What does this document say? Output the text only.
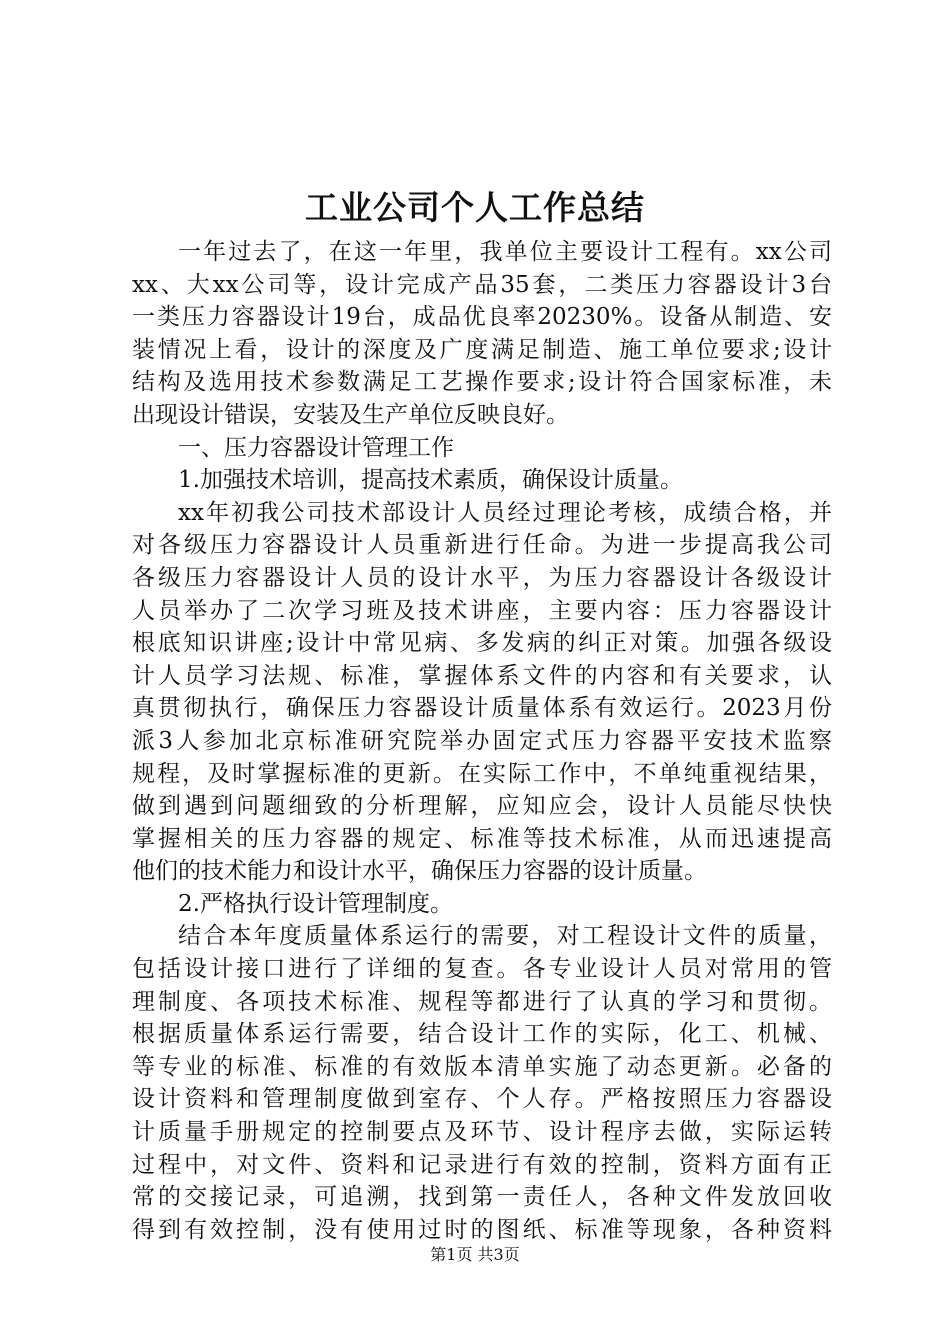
工业公司个人工作总结
一年过去了，在这一年里，我单位主要设计工程有。xx公司
xx、大xx公司等，设计完成产品35套，二类压力容器设计3台
一类压力容器设计19台，成品优良率20230%。设备从制造、安
装情况上看，设计的深度及广度满足制造、施工单位要求;设计
结构及选用技术参数满足工艺操作要求;设计符合国家标准，未
出现设计错误，安装及生产单位反映良好。
一、压力容器设计管理工作
1.加强技术培训，提高技术素质，确保设计质量。
xx年初我公司技术部设计人员经过理论考核，成绩合格，并
对各级压力容器设计人员重新进行任命。为进一步提高我公司
各级压力容器设计人员的设计水平，为压力容器设计各级设计
人员举办了二次学习班及技术讲座，主要内容：压力容器设计
根底知识讲座;设计中常见病、多发病的纠正对策。加强各级设
计人员学习法规、标准，掌握体系文件的内容和有关要求，认
真贯彻执行，确保压力容器设计质量体系有效运行。2023月份
派3人参加北京标准研究院举办固定式压力容器平安技术监察
规程，及时掌握标准的更新。在实际工作中，不单纯重视结果，
做到遇到问题细致的分析理解，应知应会，设计人员能尽快快
掌握相关的压力容器的规定、标准等技术标准，从而迅速提高
他们的技术能力和设计水平，确保压力容器的设计质量。
2.严格执行设计管理制度。
结合本年度质量体系运行的需要，对工程设计文件的质量，
包括设计接口进行了详细的复查。各专业设计人员对常用的管
理制度、各项技术标准、规程等都进行了认真的学习和贯彻。
根据质量体系运行需要，结合设计工作的实际，化工、机械、
等专业的标准、标准的有效版本清单实施了动态更新。必备的
设计资料和管理制度做到室存、个人存。严格按照压力容器设
计质量手册规定的控制要点及环节、设计程序去做，实际运转
过程中，对文件、资料和记录进行有效的控制，资料方面有正
常的交接记录，可追溯，找到第一责任人，各种文件发放回收
得到有效控制，没有使用过时的图纸、标准等现象，各种资料
第1页 共3页
